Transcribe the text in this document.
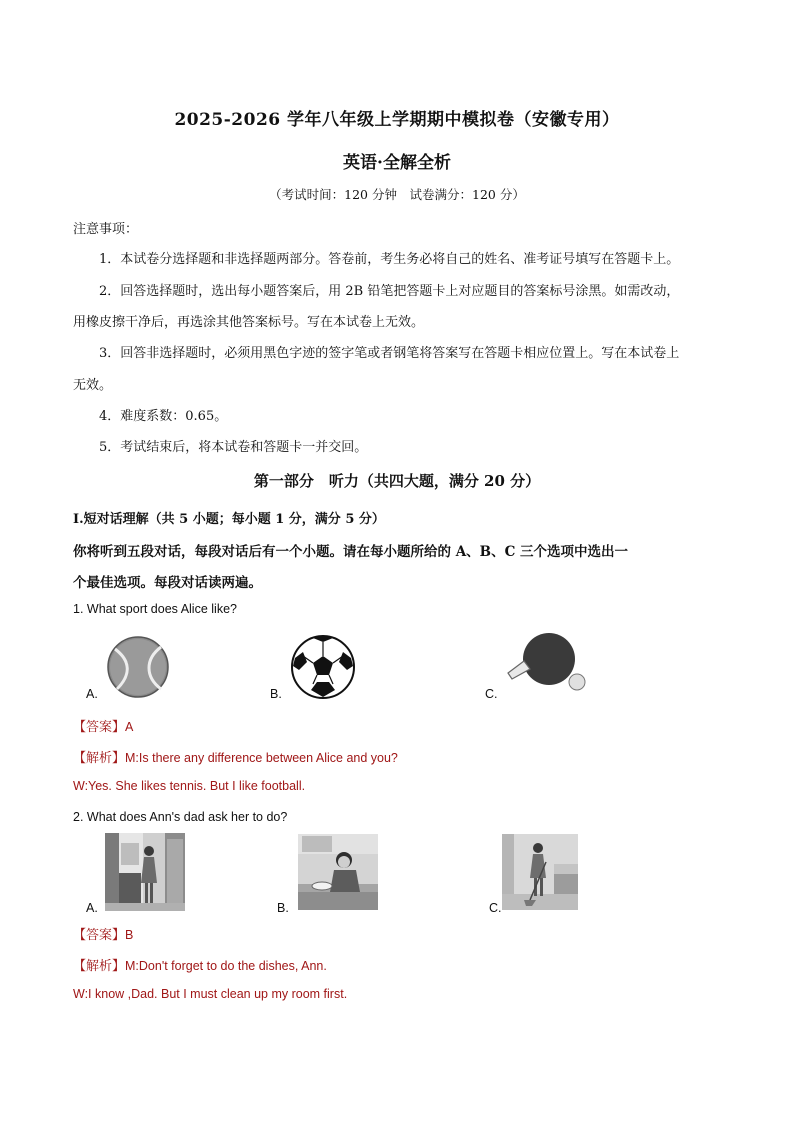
2025-2026 学年八年级上学期期中模拟卷（安徽专用）
英语·全解全析
（考试时间：120 分钟　试卷满分：120 分）
注意事项：
1．本试卷分选择题和非选择题两部分。答卷前，考生务必将自己的姓名、准考证号填写在答题卡上。
2．回答选择题时，选出每小题答案后，用 2B 铅笔把答题卡上对应题目的答案标号涂黑。如需改动，
用橡皮擦干净后，再选涂其他答案标号。写在本试卷上无效。
3．回答非选择题时，必须用黑色字迹的签字笔或者钢笔将答案写在答题卡相应位置上。写在本试卷上
无效。
4．难度系数：0.65。
5．考试结束后，将本试卷和答题卡一并交回。
第一部分　听力（共四大题，满分 20 分）
Ⅰ.短对话理解（共 5 小题；每小题 1 分，满分 5 分）
你将听到五段对话，每段对话后有一个小题。请在每小题所给的 A、B、C 三个选项中选出一
个最佳选项。每段对话读两遍。
1. What sport does Alice like?
A.	B.	C.
【答案】A
【解析】M:Is there any difference between Alice and you?
W:Yes. She likes tennis. But I like football.
2. What does Ann's dad ask her to do?
A.	B.	C.
【答案】B
【解析】M:Don't forget to do the dishes, Ann.
W:I know ,Dad. But I must clean up my room first.
